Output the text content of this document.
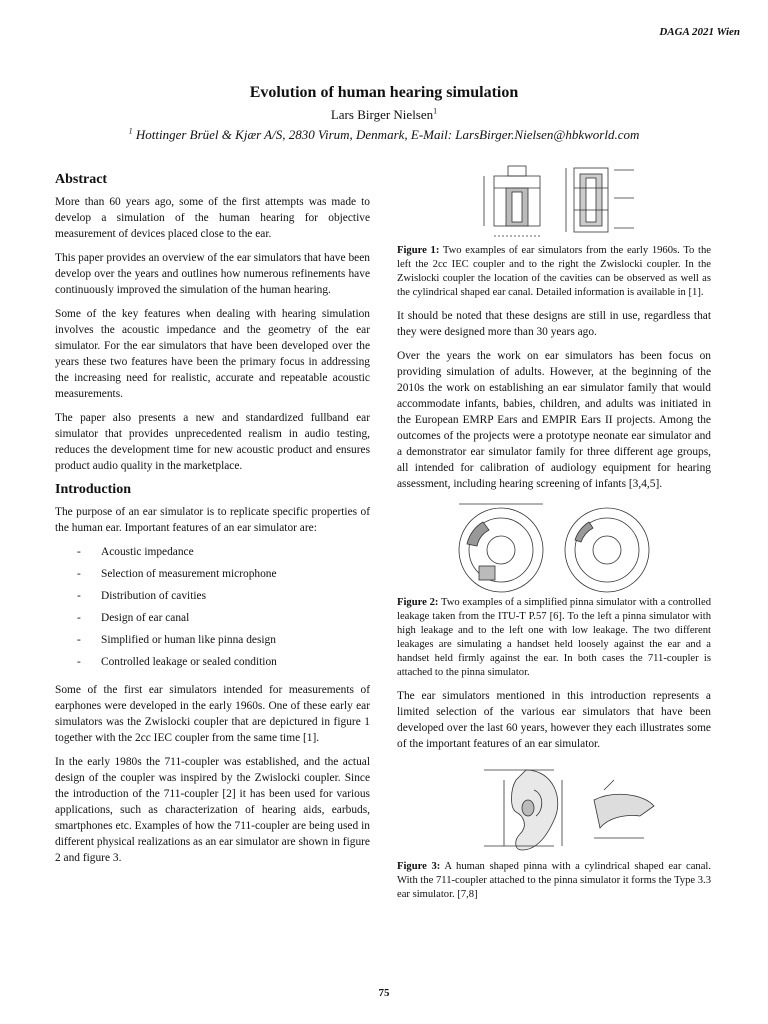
DAGA 2021 Wien
Evolution of human hearing simulation
Lars Birger Nielsen$^1$
$^1$ Hottinger Brüel & Kjær A/S, 2830 Virum, Denmark, E-Mail: LarsBirger.Nielsen@hbkworld.com
Abstract

More than 60 years ago, some of the first attempts was made to develop a simulation of the human hearing for objective measurement of devices placed close to the ear.

This paper provides an overview of the ear simulators that have been develop over the years and outlines how numerous refinements have continuously improved the simulation of the human hearing.

Some of the key features when dealing with hearing simulation involves the acoustic impedance and the geometry of the ear simulator. For the ear simulators that have been developed over the years these two features have been the primary focus in addressing the increasing need for realistic, accurate and repeatable acoustic measurements.

The paper also presents a new and standardized fullband ear simulator that provides unprecedented realism in audio testing, reduces the development time for new acoustic product and ensures product audio quality in the marketplace.

Introduction

The purpose of an ear simulator is to replicate specific properties of the human ear. Important features of an ear simulator are:

- Acoustic impedance
- Selection of measurement microphone
- Distribution of cavities
- Design of ear canal
- Simplified or human like pinna design
- Controlled leakage or sealed condition

Some of the first ear simulators intended for measurements of earphones were developed in the early 1960s. One of these early ear simulators was the Zwislocki coupler that are depictured in figure 1 together with the 2cc IEC coupler from the same time [1].

In the early 1980s the 711-coupler was established, and the actual design of the coupler was inspired by the Zwislocki coupler. Since the introduction of the 711-coupler [2] it has been used for various applications, such as characterization of hearing aids, earbuds, smartphones etc. Examples of how the 711-coupler are being used in different physical realizations as an ear simulator are shown in figure 2 and figure 3.

Figure 1: Two examples of ear simulators from the early 1960s. To the left the 2cc IEC coupler and to the right the Zwislocki coupler. In the Zwislocki coupler the location of the cavities can be observed as well as the cylindrical shaped ear canal. Detailed information is available in [1].

It should be noted that these designs are still in use, regardless that they were designed more than 30 years ago.

Over the years the work on ear simulators has been focus on providing simulation of adults. However, at the beginning of the 2010s the work on establishing an ear simulator family that would accommodate infants, babies, children, and adults was initiated in the European EMRP Ears and EMPIR Ears II projects. Among the outcomes of the projects were a prototype neonate ear simulator and a demonstrator ear simulator family for three different age groups, all intended for calibration of audiology equipment for hearing assessment, including hearing screening of infants [3,4,5].

Figure 2: Two examples of a simplified pinna simulator with a controlled leakage taken from the ITU-T P.57 [6]. To the left a pinna simulator with high leakage and to the left one with low leakage. The two different leakages are simulating a handset held loosely against the ear and a handset held firmly against the ear. In both cases the 711-coupler is attached to the pinna simulator.

The ear simulators mentioned in this introduction represents a limited selection of the various ear simulators that have been developed over the last 60 years, however they each illustrates some of the important features of an ear simulator.

Figure 3: A human shaped pinna with a cylindrical shaped ear canal. With the 711-coupler attached to the pinna simulator it forms the Type 3.3 ear simulator. [7,8]

75
